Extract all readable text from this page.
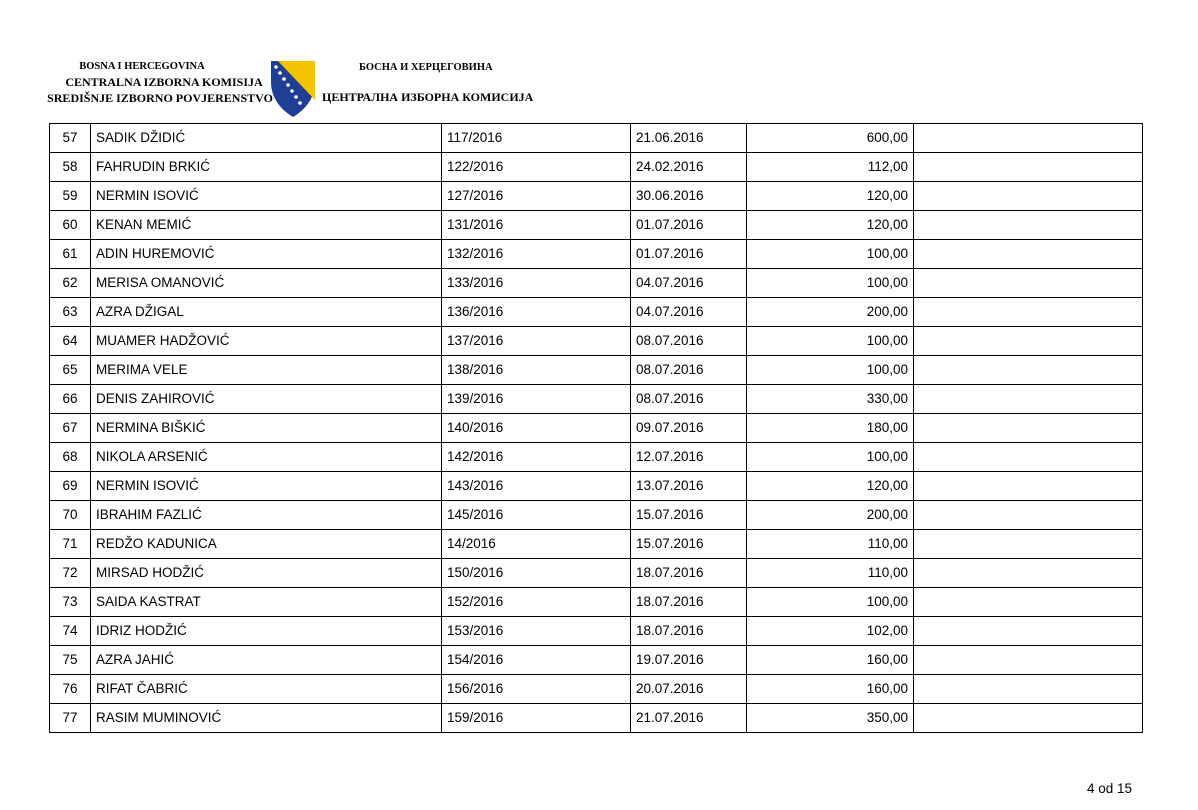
BOSNA I HERCEGOVINA
CENTRALNA IZBORNA KOMISIJA
SREDIŠNJE IZBORNO POVJERENSTVO
БОСНА И ХЕРЦЕГОВИНА
ЦЕНТРАЛНА ИЗБОРНА КОМИСИЈА
57	SADIK DŽIDIĆ	117/2016	21.06.2016	600,00	
58	FAHRUDIN BRKIĆ	122/2016	24.02.2016	112,00	
59	NERMIN ISOVIĆ	127/2016	30.06.2016	120,00	
60	KENAN MEMIĆ	131/2016	01.07.2016	120,00	
61	ADIN HUREMOVIĆ	132/2016	01.07.2016	100,00	
62	MERISA OMANOVIĆ	133/2016	04.07.2016	100,00	
63	AZRA DŽIGAL	136/2016	04.07.2016	200,00	
64	MUAMER HADŽOVIĆ	137/2016	08.07.2016	100,00	
65	MERIMA VELE	138/2016	08.07.2016	100,00	
66	DENIS ZAHIROVIĆ	139/2016	08.07.2016	330,00	
67	NERMINA BIŠKIĆ	140/2016	09.07.2016	180,00	
68	NIKOLA ARSENIĆ	142/2016	12.07.2016	100,00	
69	NERMIN ISOVIĆ	143/2016	13.07.2016	120,00	
70	IBRAHIM FAZLIĆ	145/2016	15.07.2016	200,00	
71	REDŽO KADUNICA	14/2016	15.07.2016	110,00	
72	MIRSAD HODŽIĆ	150/2016	18.07.2016	110,00	
73	SAIDA KASTRAT	152/2016	18.07.2016	100,00	
74	IDRIZ HODŽIĆ	153/2016	18.07.2016	102,00	
75	AZRA JAHIĆ	154/2016	19.07.2016	160,00	
76	RIFAT ČABRIĆ	156/2016	20.07.2016	160,00	
77	RASIM MUMINOVIĆ	159/2016	21.07.2016	350,00	
4 od 15
